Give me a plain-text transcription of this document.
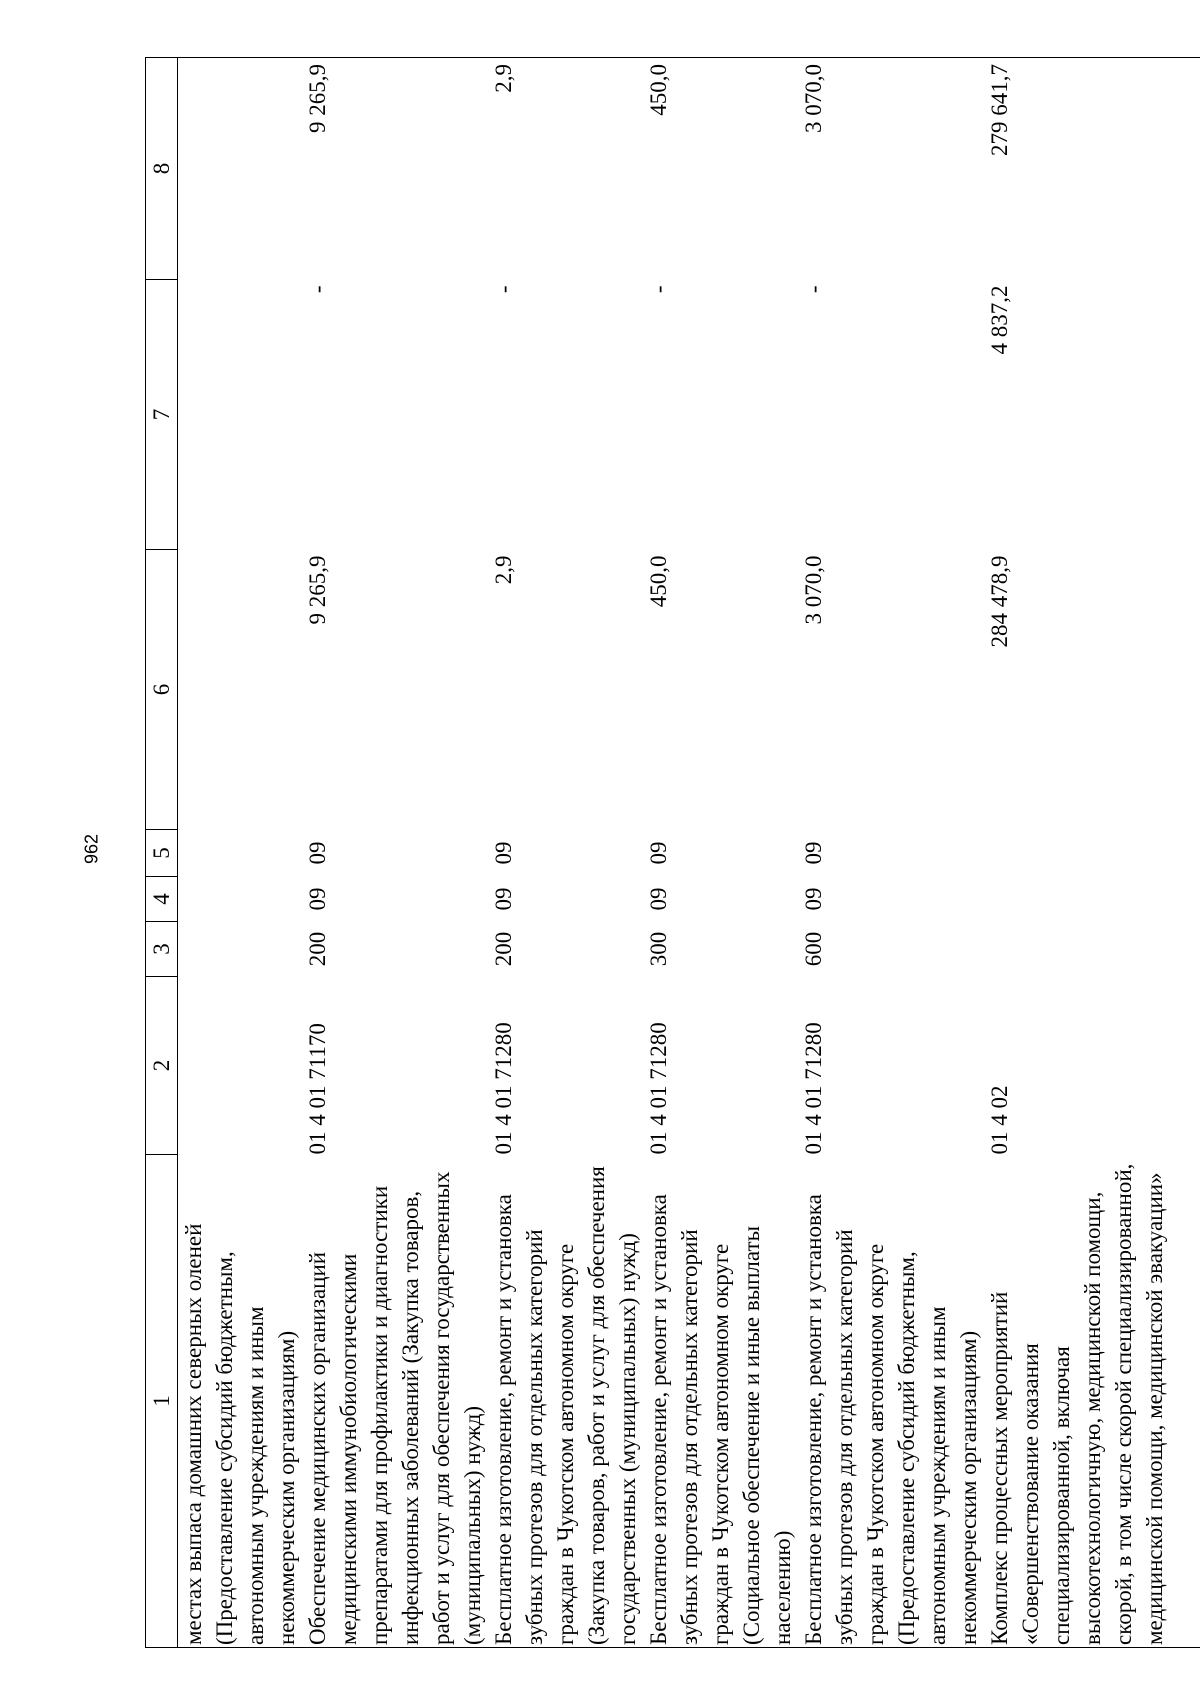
962
1	2	3	4	5	6	7	8
местах выпаса домашних северных оленей (Предоставление субсидий бюджетным, автономным учреждениям и иным некоммерческим организациям)							
Обеспечение медицинских организаций медицинскими иммунобиологическими препаратами для профилактики и диагностики инфекционных заболеваний (Закупка товаров, работ и услуг для обеспечения государственных (муниципальных) нужд)	01 4 01 71170	200	09	09	9 265,9	-	9 265,9
Бесплатное изготовление, ремонт и установка зубных протезов для отдельных категорий граждан в Чукотском автономном округе (Закупка товаров, работ и услуг для обеспечения государственных (муниципальных) нужд)	01 4 01 71280	200	09	09	2,9	-	2,9
Бесплатное изготовление, ремонт и установка зубных протезов для отдельных категорий граждан в Чукотском автономном округе (Социальное обеспечение и иные выплаты населению)	01 4 01 71280	300	09	09	450,0	-	450,0
Бесплатное изготовление, ремонт и установка зубных протезов для отдельных категорий граждан в Чукотском автономном округе (Предоставление субсидий бюджетным, автономным учреждениям и иным некоммерческим организациям)	01 4 01 71280	600	09	09	3 070,0	-	3 070,0
Комплекс процессных мероприятий «Совершенствование оказания специализированной, включая высокотехнологичную, медицинской помощи, скорой, в том числе скорой специализированной, медицинской помощи, медицинской эвакуации»	01 4 02				284 478,9	4 837,2	279 641,7
